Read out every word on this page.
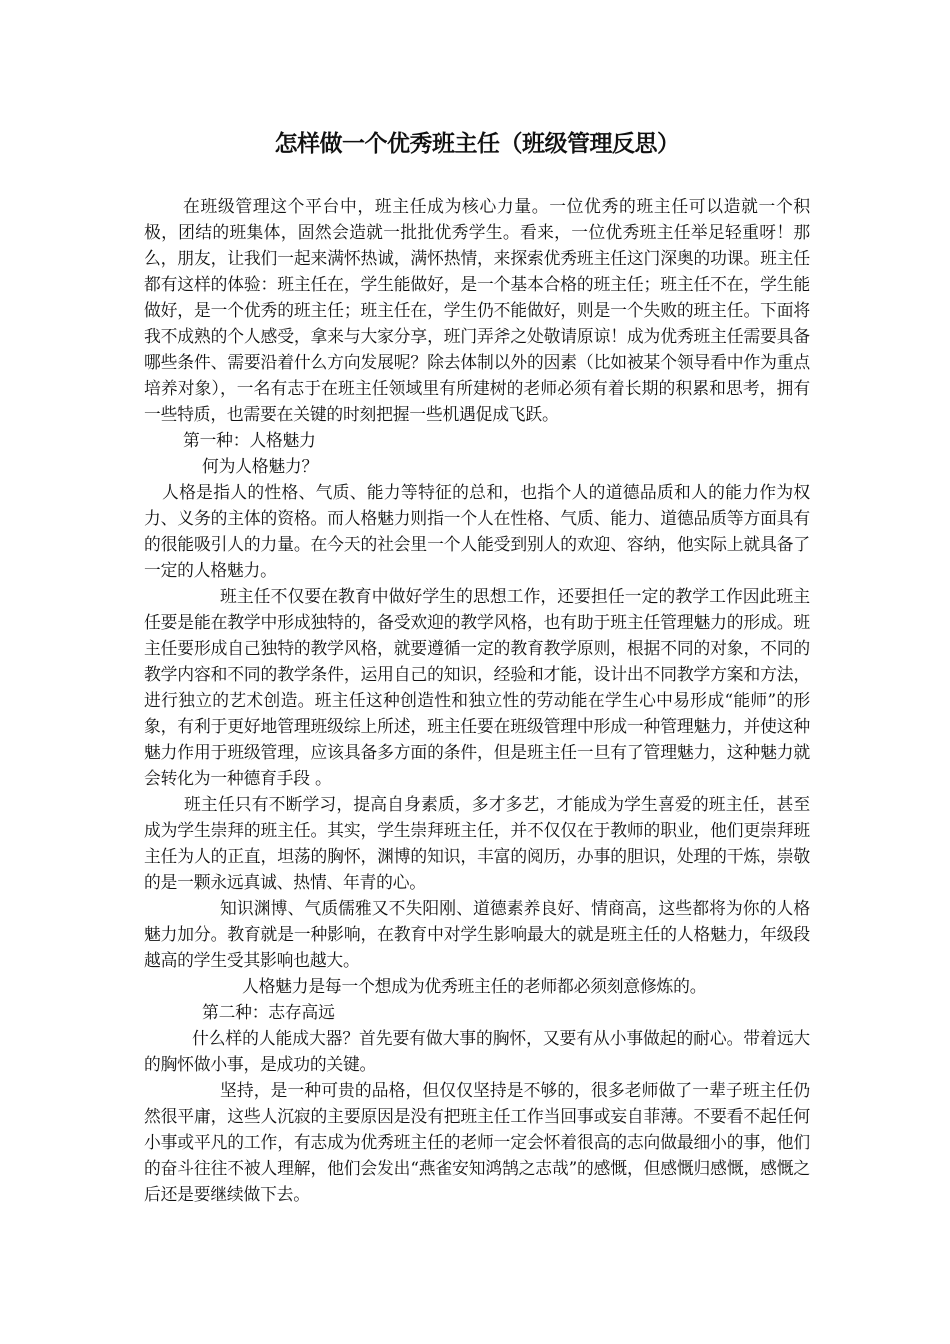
怎样做一个优秀班主任（班级管理反思）

在班级管理这个平台中，班主任成为核心力量。一位优秀的班主任可以造就一个积极，团结的班集体，固然会造就一批批优秀学生。看来，一位优秀班主任举足轻重呀！那么，朋友，让我们一起来满怀热诚，满怀热情，来探索优秀班主任这门深奥的功课。班主任都有这样的体验：班主任在，学生能做好，是一个基本合格的班主任；班主任不在，学生能做好，是一个优秀的班主任；班主任在，学生仍不能做好，则是一个失败的班主任。下面将我不成熟的个人感受，拿来与大家分享，班门弄斧之处敬请原谅！成为优秀班主任需要具备哪些条件、需要沿着什么方向发展呢？除去体制以外的因素（比如被某个领导看中作为重点培养对象），一名有志于在班主任领域里有所建树的老师必须有着长期的积累和思考，拥有一些特质，也需要在关键的时刻把握一些机遇促成飞跃。

第一种：人格魅力

何为人格魅力？

人格是指人的性格、气质、能力等特征的总和，也指个人的道德品质和人的能力作为权力、义务的主体的资格。而人格魅力则指一个人在性格、气质、能力、道德品质等方面具有的很能吸引人的力量。在今天的社会里一个人能受到别人的欢迎、容纳，他实际上就具备了一定的人格魅力。

班主任不仅要在教育中做好学生的思想工作，还要担任一定的教学工作因此班主任要是能在教学中形成独特的，备受欢迎的教学风格，也有助于班主任管理魅力的形成。班主任要形成自己独特的教学风格，就要遵循一定的教育教学原则，根据不同的对象，不同的教学内容和不同的教学条件，运用自己的知识，经验和才能，设计出不同教学方案和方法，进行独立的艺术创造。班主任这种创造性和独立性的劳动能在学生心中易形成“能师”的形象，有利于更好地管理班级综上所述，班主任要在班级管理中形成一种管理魅力，并使这种魅力作用于班级管理，应该具备多方面的条件，但是班主任一旦有了管理魅力，这种魅力就会转化为一种德育手段 。

班主任只有不断学习，提高自身素质，多才多艺，才能成为学生喜爱的班主任，甚至成为学生崇拜的班主任。其实，学生崇拜班主任，并不仅仅在于教师的职业，他们更崇拜班主任为人的正直，坦荡的胸怀，渊博的知识，丰富的阅历，办事的胆识，处理的干炼，崇敬的是一颗永远真诚、热情、年青的心。

知识渊博、气质儒雅又不失阳刚、道德素养良好、情商高，这些都将为你的人格魅力加分。教育就是一种影响，在教育中对学生影响最大的就是班主任的人格魅力，年级段越高的学生受其影响也越大。

人格魅力是每一个想成为优秀班主任的老师都必须刻意修炼的。

第二种：志存高远

什么样的人能成大器？首先要有做大事的胸怀，又要有从小事做起的耐心。带着远大的胸怀做小事，是成功的关键。

坚持，是一种可贵的品格，但仅仅坚持是不够的，很多老师做了一辈子班主任仍然很平庸，这些人沉寂的主要原因是没有把班主任工作当回事或妄自菲薄。不要看不起任何小事或平凡的工作，有志成为优秀班主任的老师一定会怀着很高的志向做最细小的事，他们的奋斗往往不被人理解，他们会发出“燕雀安知鸿鹄之志哉”的感慨，但感慨归感慨，感慨之后还是要继续做下去。
